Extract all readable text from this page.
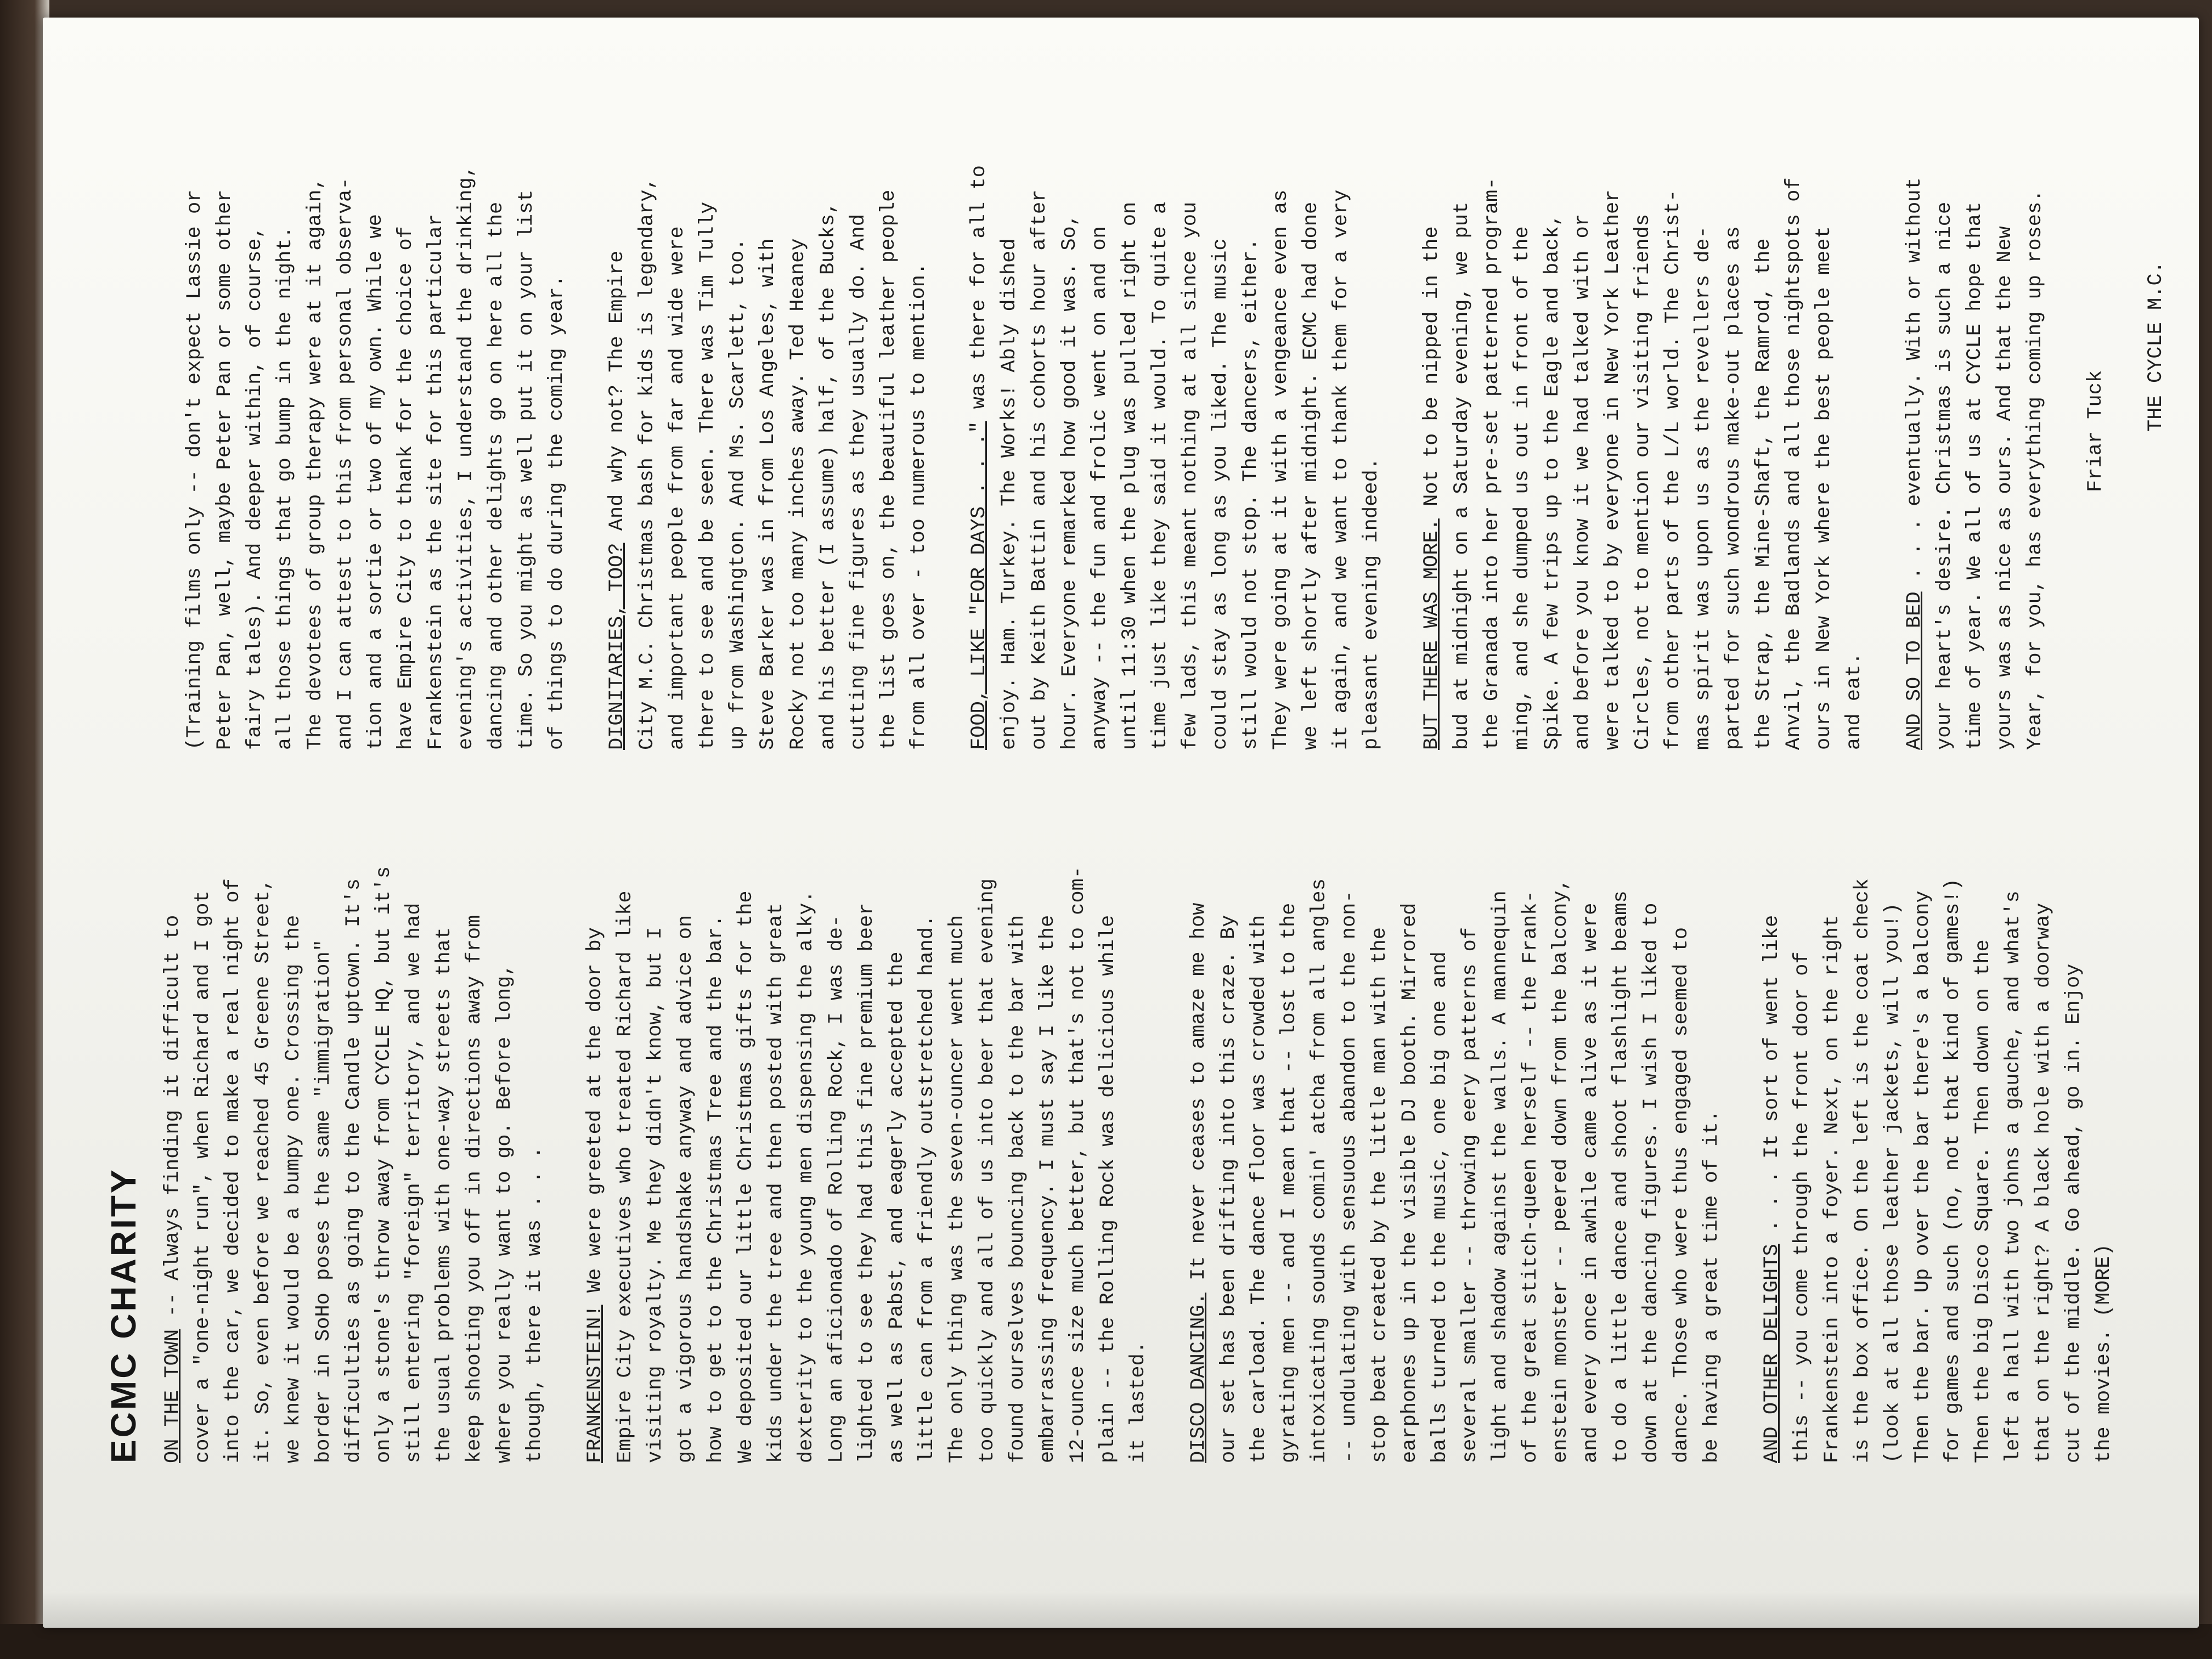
ECMC CHARITY ON THE TOWN -- Always finding it difficult to
cover a "one-night run", when Richard and I got
into the car, we decided to make a real night of
it. So, even before we reached 45 Greene Street,
we knew it would be a bumpy one. Crossing the
border in SoHo poses the same "immigration"
difficulties as going to the Candle uptown. It's
only a stone's throw away from CYCLE HQ, but it's
still entering "foreign" territory, and we had
the usual problems with one-way streets that
keep shooting you off in directions away from
where you really want to go. Before long,
though, there it was . . .

FRANKENSTEIN! We were greeted at the door by
Empire City executives who treated Richard like
visiting royalty. Me they didn't know, but I
got a vigorous handshake anyway and advice on
how to get to the Christmas Tree and the bar.
We deposited our little Christmas gifts for the
kids under the tree and then posted with great
dexterity to the young men dispensing the alky.
Long an aficionado of Rolling Rock, I was de-
lighted to see they had this fine premium beer
as well as Pabst, and eagerly accepted the
little can from a friendly outstretched hand.
The only thing was the seven-ouncer went much
too quickly and all of us into beer that evening
found ourselves bouncing back to the bar with
embarrassing frequency. I must say I like the
12-ounce size much better, but that's not to com-
plain -- the Rolling Rock was delicious while
it lasted. DISCO DANCING. It never ceases to amaze me how
our set has been drifting into this craze. By
the carload. The dance floor was crowded with
gyrating men -- and I mean that -- lost to the
intoxicating sounds comin' atcha from all angles
-- undulating with sensuous abandon to the non-
stop beat created by the little man with the
earphones up in the visible DJ booth. Mirrored
balls turned to the music, one big one and
several smaller -- throwing eery patterns of
light and shadow against the walls. A mannequin
of the great stitch-queen herself -- the Frank-
enstein monster -- peered down from the balcony,
and every once in awhile came alive as it were
to do a little dance and shoot flashlight beams
down at the dancing figures. I wish I liked to
dance. Those who were thus engaged seemed to
be having a great time of it.

AND OTHER DELIGHTS . . . It sort of went like
this -- you come through the front door of
Frankenstein into a foyer. Next, on the right
is the box office. On the left is the coat check
(look at all those leather jackets, will you!)
Then the bar. Up over the bar there's a balcony
for games and such (no, not that kind of games!)
Then the big Disco Square. Then down on the
left a hall with two johns a gauche, and what's
that on the right? A black hole with a doorway
cut of the middle. Go ahead, go in. Enjoy
the movies. (MORE)

(Training films only -- don't expect Lassie or
Peter Pan, well, maybe Peter Pan or some other
fairy tales). And deeper within, of course,
all those things that go bump in the night.
The devotees of group therapy were at it again,
and I can attest to this from personal observa-
tion and a sortie or two of my own. While we
have Empire City to thank for the choice of
Frankenstein as the site for this particular
evening's activities, I understand the drinking,
dancing and other delights go on here all the
time. So you might as well put it on your list
of things to do during the coming year.

DIGNITARIES, TOO? And why not? The Empire
City M.C. Christmas bash for kids is legendary,
and important people from far and wide were
there to see and be seen. There was Tim Tully
up from Washington. And Ms. Scarlett, too.
Steve Barker was in from Los Angeles, with
Rocky not too many inches away. Ted Heaney
and his better (I assume) half, of the Bucks,
cutting fine figures as they usually do. And
the list goes on, the beautiful leather people
from all over - too numerous to mention.

FOOD, LIKE "FOR DAYS . . ." was there for all to
enjoy. Ham. Turkey. The Works! Ably dished
out by Keith Battin and his cohorts hour after
hour. Everyone remarked how good it was. So,
anyway -- the fun and frolic went on and on
until 11:30 when the plug was pulled right on
time just like they said it would. To quite a
few lads, this meant nothing at all since you
could stay as long as you liked. The music
still would not stop. The dancers, either.
They were going at it with a vengeance even as
we left shortly after midnight. ECMC had done
it again, and we want to thank them for a very
pleasant evening indeed.

BUT THERE WAS MORE. Not to be nipped in the
bud at midnight on a Saturday evening, we put
the Granada into her pre-set patterned program-
ming, and she dumped us out in front of the
Spike. A few trips up to the Eagle and back,
and before you know it we had talked with or
were talked to by everyone in New York Leather
Circles, not to mention our visiting friends
from other parts of the L/L world. The Christ-
mas spirit was upon us as the revellers de-
parted for such wondrous make-out places as
the Strap, the Mine-Shaft, the Ramrod, the
Anvil, the Badlands and all those nightspots of
ours in New York where the best people meet
and eat. AND SO TO BED . . . eventually. With or without
your heart's desire. Christmas is such a nice
time of year. We all of us at CYCLE hope that
yours was as nice as ours. And that the New
Year, for you, has everything coming up roses.

Friar Tuck THE CYCLE M.C.
